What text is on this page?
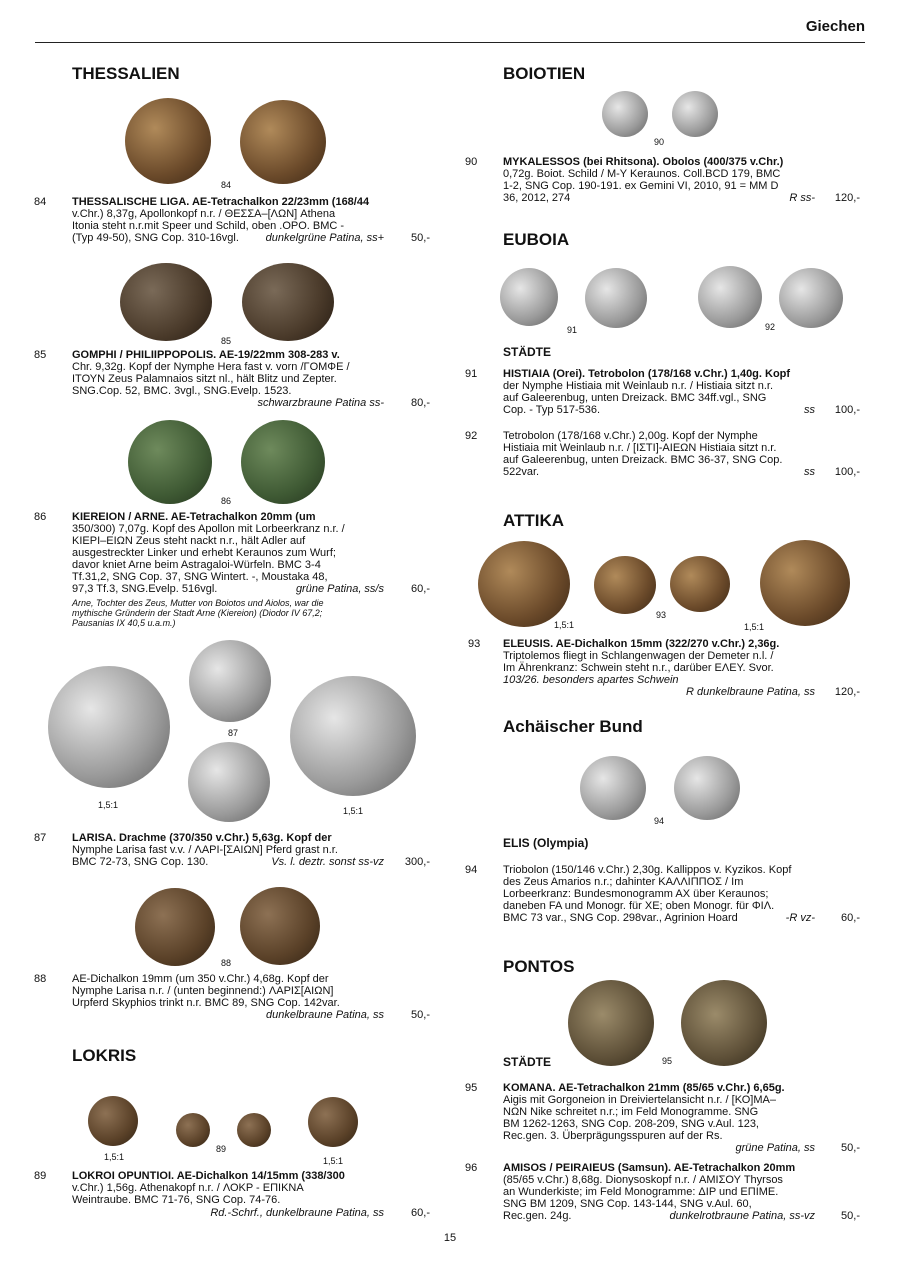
Giechen
THESSALIEN
84
84 THESSALISCHE LIGA. AE-Tetrachalkon 22/23mm (168/44
v.Chr.) 8,37g, Apollonkopf n.r. / ΘΕΣΣΑ–[ΛΩΝ] Athena
Itonia steht n.r.mit Speer und Schild, oben .OPO. BMC -
(Typ 49-50), SNG Cop. 310-16vgl.	dunkelgrüne Patina, ss+	50,-
85
85 GOMPHI / PHILIIPPOPOLIS. AE-19/22mm 308-283 v.
Chr. 9,32g. Kopf der Nymphe Hera fast v. vorn /ΓΟΜΦΕ /
ΙΤΟΥΝ Zeus Palamnaios sitzt nl., hält Blitz und Zepter.
SNG.Cop. 52, BMC. 3vgl., SNG.Evelp. 1523.
schwarzbraune Patina ss-	80,-
86
86 KIEREION / ARNE. AE-Tetrachalkon 20mm (um
350/300) 7,07g. Kopf des Apollon mit Lorbeerkranz n.r. /
ΚΙΕΡΙ–ΕΙΩΝ Zeus steht nackt n.r., hält Adler auf
ausgestreckter Linker und erhebt Keraunos zum Wurf;
davor kniet Arne beim Astragaloi-Würfeln. BMC 3-4
Tf.31,2, SNG Cop. 37, SNG Wintert. -, Moustaka 48,
97,3 Tf.3, SNG.Evelp. 516vgl.	grüne Patina, ss/s	60,-
Arne, Tochter des Zeus, Mutter von Boiotos und Aiolos, war die
mythische Gründerin der Stadt Arne (Kiereion) (Diodor IV 67,2;
Pausanias IX 40,5 u.a.m.)
87
1,5:1
1,5:1
87 LARISA. Drachme (370/350 v.Chr.) 5,63g. Kopf der
Nymphe Larisa fast v.v. / ΛΑΡΙ-[ΣΑΙΩΝ] Pferd grast n.r.
BMC 72-73, SNG Cop. 130.	Vs. l. deztr. sonst ss-vz	300,-
88
88 AE-Dichalkon 19mm (um 350 v.Chr.) 4,68g. Kopf der
Nymphe Larisa n.r. / (unten beginnend:) ΛΑΡΙΣ[ΑΙΩΝ]
Urpferd Skyphios trinkt n.r. BMC 89, SNG Cop. 142var.
dunkelbraune Patina, ss	50,-
LOKRIS
89
1,5:1	1,5:1
89 LOKROI OPUNTIOI. AE-Dichalkon 14/15mm (338/300
v.Chr.) 1,56g. Athenakopf n.r. / ΛΟΚΡ - ΕΠΙΚΝΑ
Weintraube. BMC 71-76, SNG Cop. 74-76.
Rd.-Schrf., dunkelbraune Patina, ss	60,-
BOIOTIEN
90
90 MYKALESSOS (bei Rhitsona). Obolos (400/375 v.Chr.)
0,72g. Boiot. Schild / M-Y Keraunos. Coll.BCD 179, BMC
1-2, SNG Cop. 190-191. ex Gemini VI, 2010, 91 = MM D
36, 2012, 274	R ss-	120,-
EUBOIA
91	92
STÄDTE
91 HISTIAIA (Orei). Tetrobolon (178/168 v.Chr.) 1,40g. Kopf
der Nymphe Histiaia mit Weinlaub n.r. / Histiaia sitzt n.r.
auf Galeerenbug, unten Dreizack. BMC 34ff.vgl., SNG
Cop. - Typ 517-536.	ss	100,-
92 Tetrobolon (178/168 v.Chr.) 2,00g. Kopf der Nymphe
Histiaia mit Weinlaub n.r. / [ΙΣΤΙ]-ΑΙΕΩΝ Histiaia sitzt n.r.
auf Galeerenbug, unten Dreizack. BMC 36-37, SNG Cop.
522var.	ss	100,-
ATTIKA
93
1,5:1	1,5:1
93 ELEUSIS. AE-Dichalkon 15mm (322/270 v.Chr.) 2,36g.
Triptolemos fliegt in Schlangenwagen der Demeter n.l. /
Im Ährenkranz: Schwein steht n.r., darüber ΕΛΕΥ. Svor.
103/26. besonders apartes Schwein
R dunkelbraune Patina, ss	120,-
Achäischer Bund
94
ELIS (Olympia)
94 Triobolon (150/146 v.Chr.) 2,30g. Kallippos v. Kyzikos. Kopf
des Zeus Amarios n.r.; dahinter ΚΑΛΛΙΠΠΟΣ / Im
Lorbeerkranz: Bundesmonogramm AX über Keraunos;
daneben FA und Monogr. für XE; oben Monogr. für ΦΙΛ.
BMC 73 var., SNG Cop. 298var., Agrinion Hoard	-R vz-	60,-
PONTOS
95
STÄDTE
95 KOMANA. AE-Tetrachalkon 21mm (85/65 v.Chr.) 6,65g.
Aigis mit Gorgoneion in Dreiviertelansicht n.r. / [ΚΟ]ΜΑ–
ΝΩΝ Nike schreitet n.r.; im Feld Monogramme. SNG
BM 1262-1263, SNG Cop. 208-209, SNG v.Aul. 123,
Rec.gen. 3. Überprägungsspuren auf der Rs.
grüne Patina, ss	50,-
96 AMISOS / PEIRAIEUS (Samsun). AE-Tetrachalkon 20mm
(85/65 v.Chr.) 8,68g. Dionysoskopf n.r. / ΑΜΙΣΟΥ Thyrsos
an Wunderkiste; im Feld Monogramme: ΔΙΡ und ΕΠΙΜΕ.
SNG BM 1209, SNG Cop. 143-144, SNG v.Aul. 60,
Rec.gen. 24g.	dunkelrotbraune Patina, ss-vz	50,-
15
